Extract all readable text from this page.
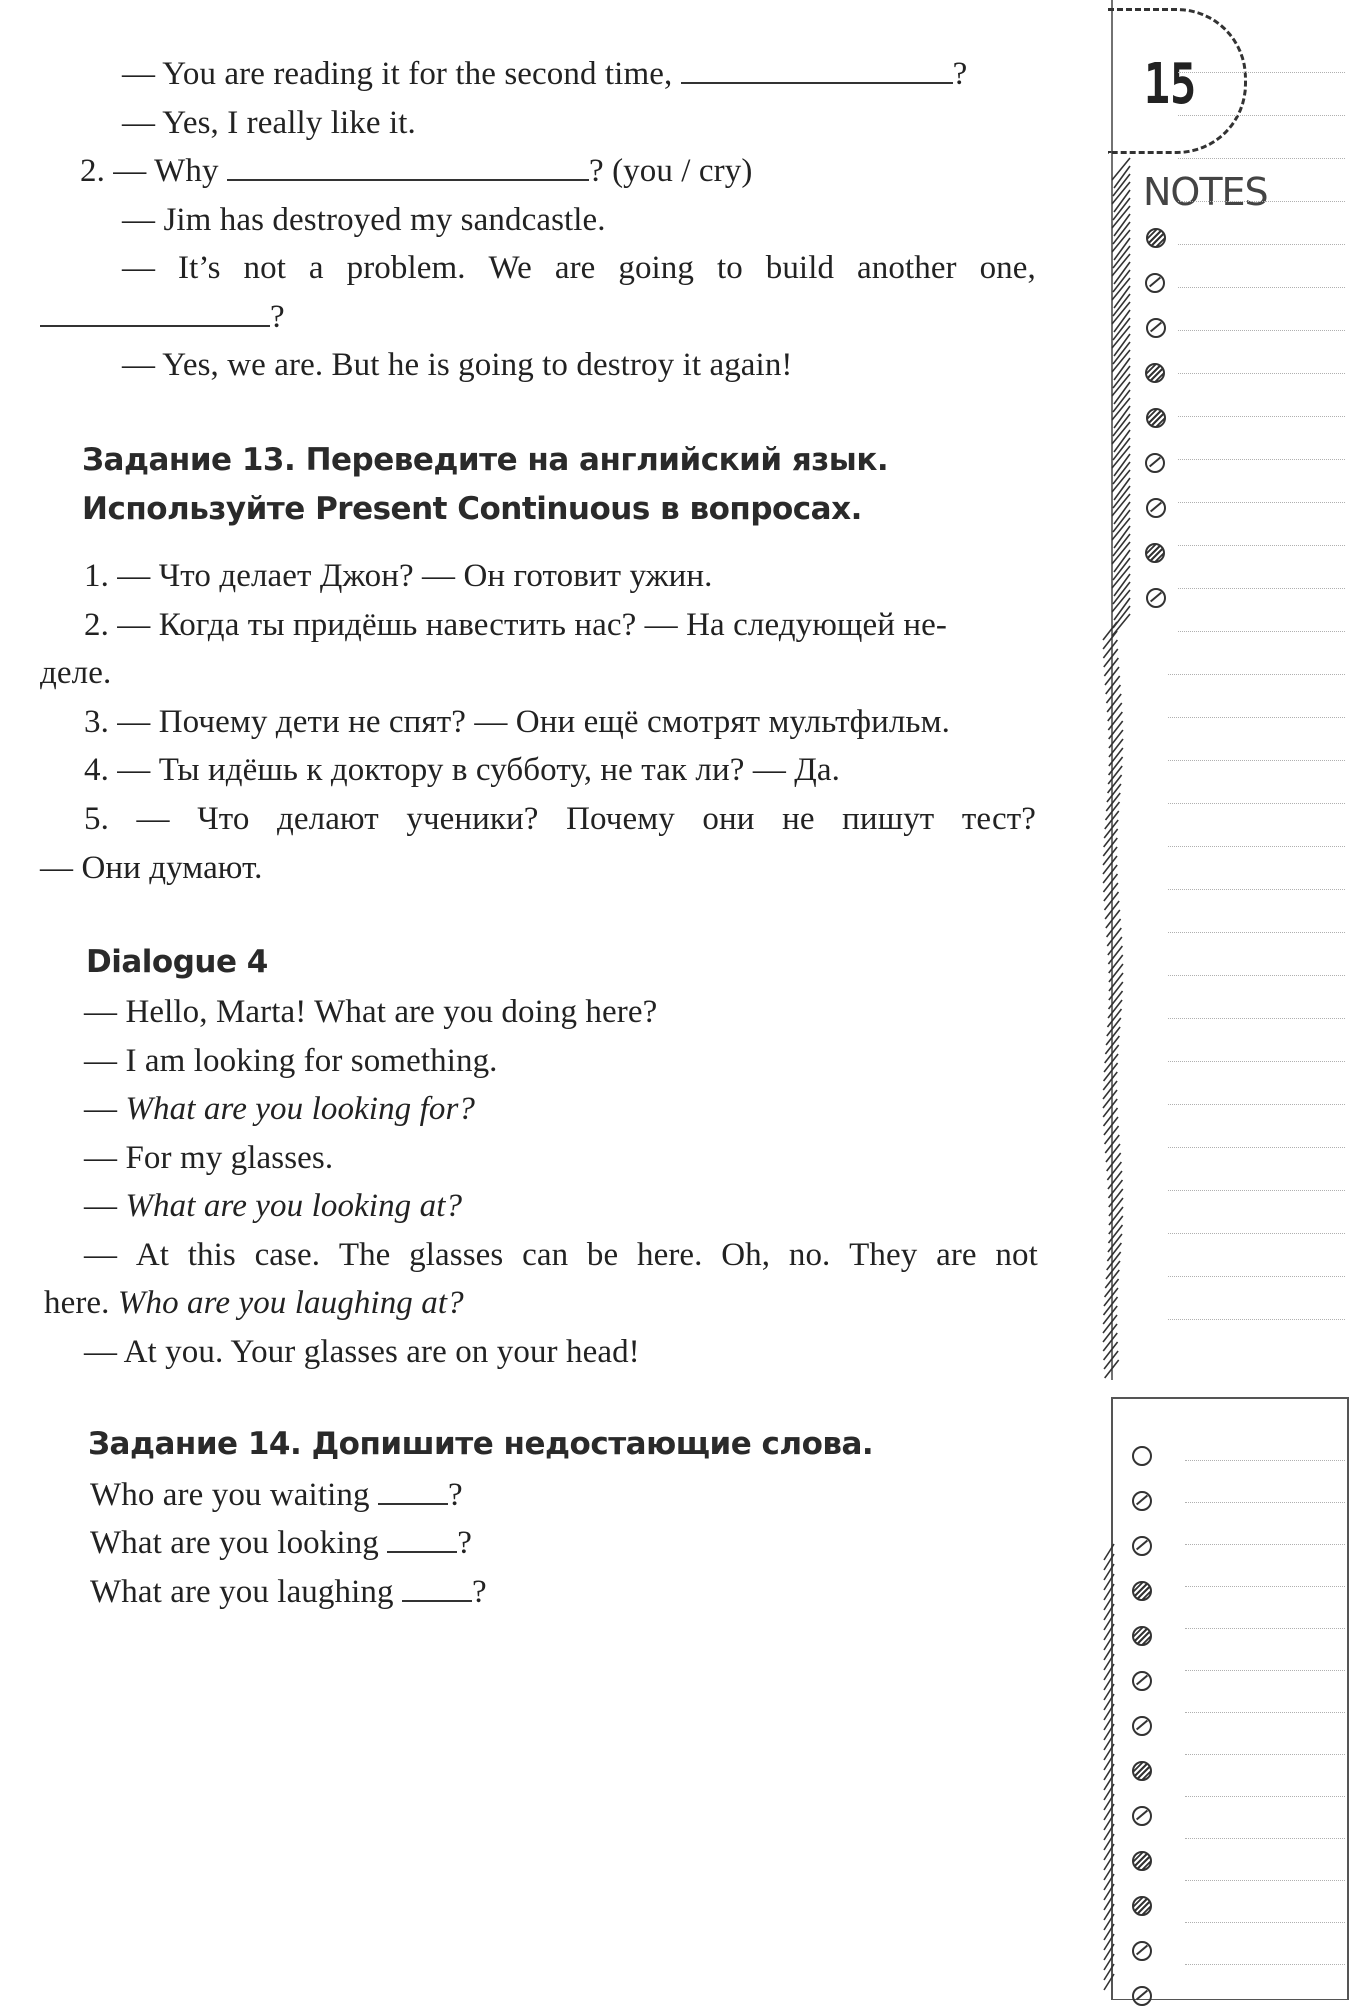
— You are reading it for the second time,	?
— Yes, I really like it.
2. — Why	? (you / cry)
— Jim has destroyed my sandcastle.
— It’s not a problem. We are going to build another one,
?
— Yes, we are. But he is going to destroy it again!
Задание 13. Переведите на английский язык.
Используйте Present Continuous в вопросах.
1. — Что делает Джон? — Он готовит ужин.
2. — Когда ты придёшь навестить нас? — На следующей не-
деле.
3. — Почему дети не спят? — Они ещё смотрят мультфильм.
4. — Ты идёшь к доктору в субботу, не так ли? — Да.
5. — Что делают ученики? Почему они не пишут тест?
— Они думают.
Dialogue 4
— Hello, Marta! What are you doing here?
— I am looking for something.
— What are you looking for?
— For my glasses.
— What are you looking at?
— At this case. The glasses can be here. Oh, no. They are not
here. Who are you laughing at?
— At you. Your glasses are on your head!
Задание 14. Допишите недостающие слова.
Who are you waiting ?
What are you looking ?
What are you laughing ?
15
NOTES
